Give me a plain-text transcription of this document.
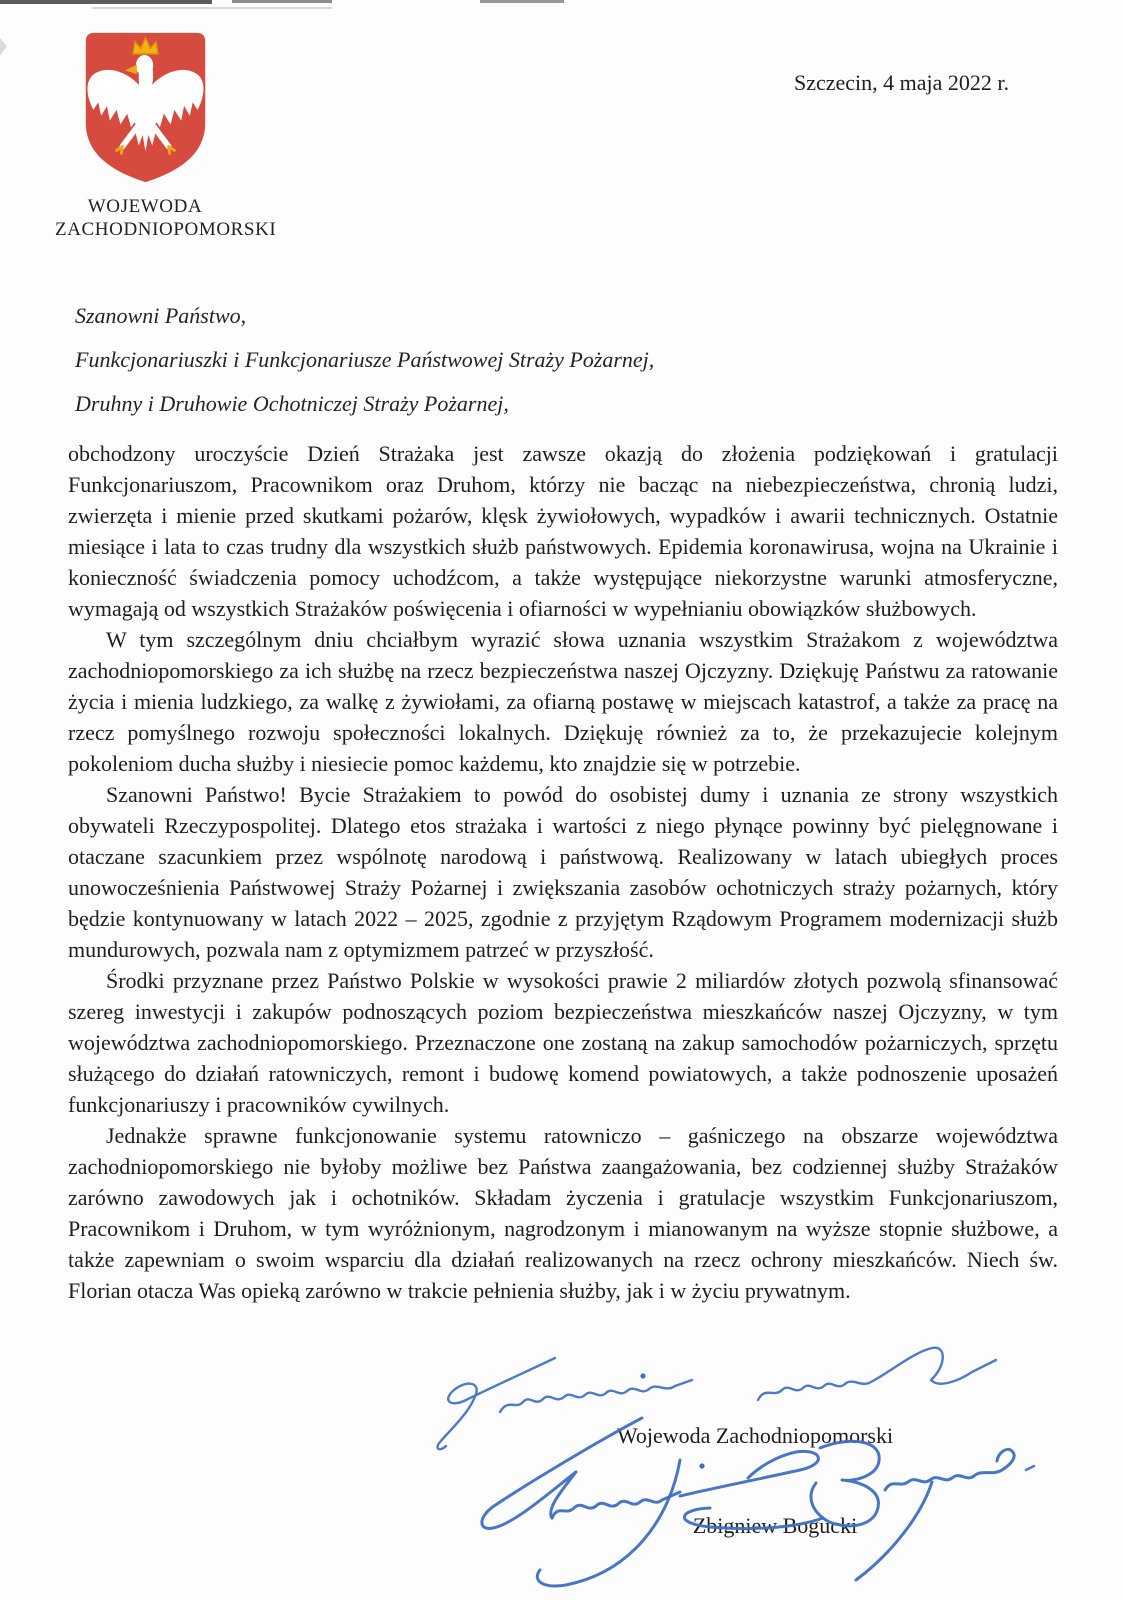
WOJEWODA
ZACHODNIOPOMORSKI
Szczecin, 4 maja 2022 r.
Szanowni Państwo,
Funkcjonariuszki i Funkcjonariusze Państwowej Straży Pożarnej,
Druhny i Druhowie Ochotniczej Straży Pożarnej,

obchodzony uroczyście Dzień Strażaka jest zawsze okazją do złożenia podziękowań i gratulacji Funkcjonariuszom, Pracownikom oraz Druhom, którzy nie bacząc na niebezpieczeństwa, chronią ludzi, zwierzęta i mienie przed skutkami pożarów, klęsk żywiołowych, wypadków i awarii technicznych. Ostatnie miesiące i lata to czas trudny dla wszystkich służb państwowych. Epidemia koronawirusa, wojna na Ukrainie i konieczność świadczenia pomocy uchodźcom, a także występujące niekorzystne warunki atmosferyczne, wymagają od wszystkich Strażaków poświęcenia i ofiarności w wypełnianiu obowiązków służbowych.

W tym szczególnym dniu chciałbym wyrazić słowa uznania wszystkim Strażakom z województwa zachodniopomorskiego za ich służbę na rzecz bezpieczeństwa naszej Ojczyzny. Dziękuję Państwu za ratowanie życia i mienia ludzkiego, za walkę z żywiołami, za ofiarną postawę w miejscach katastrof, a także za pracę na rzecz pomyślnego rozwoju społeczności lokalnych. Dziękuję również za to, że przekazujecie kolejnym pokoleniom ducha służby i niesiecie pomoc każdemu, kto znajdzie się w potrzebie.

Szanowni Państwo! Bycie Strażakiem to powód do osobistej dumy i uznania ze strony wszystkich obywateli Rzeczypospolitej. Dlatego etos strażaka i wartości z niego płynące powinny być pielęgnowane i otaczane szacunkiem przez wspólnotę narodową i państwową. Realizowany w latach ubiegłych proces unowocześnienia Państwowej Straży Pożarnej i zwiększania zasobów ochotniczych straży pożarnych, który będzie kontynuowany w latach 2022 – 2025, zgodnie z przyjętym Rządowym Programem modernizacji służb mundurowych, pozwala nam z optymizmem patrzeć w przyszłość.

Środki przyznane przez Państwo Polskie w wysokości prawie 2 miliardów złotych pozwolą sfinansować szereg inwestycji i zakupów podnoszących poziom bezpieczeństwa mieszkańców naszej Ojczyzny, w tym województwa zachodniopomorskiego. Przeznaczone one zostaną na zakup samochodów pożarniczych, sprzętu służącego do działań ratowniczych, remont i budowę komend powiatowych, a także podnoszenie uposażeń funkcjonariuszy i pracowników cywilnych.

Jednakże sprawne funkcjonowanie systemu ratowniczo – gaśniczego na obszarze województwa zachodniopomorskiego nie byłoby możliwe bez Państwa zaangażowania, bez codziennej służby Strażaków zarówno zawodowych jak i ochotników. Składam życzenia i gratulacje wszystkim Funkcjonariuszom, Pracownikom i Druhom, w tym wyróżnionym, nagrodzonym i mianowanym na wyższe stopnie służbowe, a także zapewniam o swoim wsparciu dla działań realizowanych na rzecz ochrony mieszkańców. Niech św. Florian otacza Was opieką zarówno w trakcie pełnienia służby, jak i w życiu prywatnym.

Wojewoda Zachodniopomorski
Zbigniew Bogucki
